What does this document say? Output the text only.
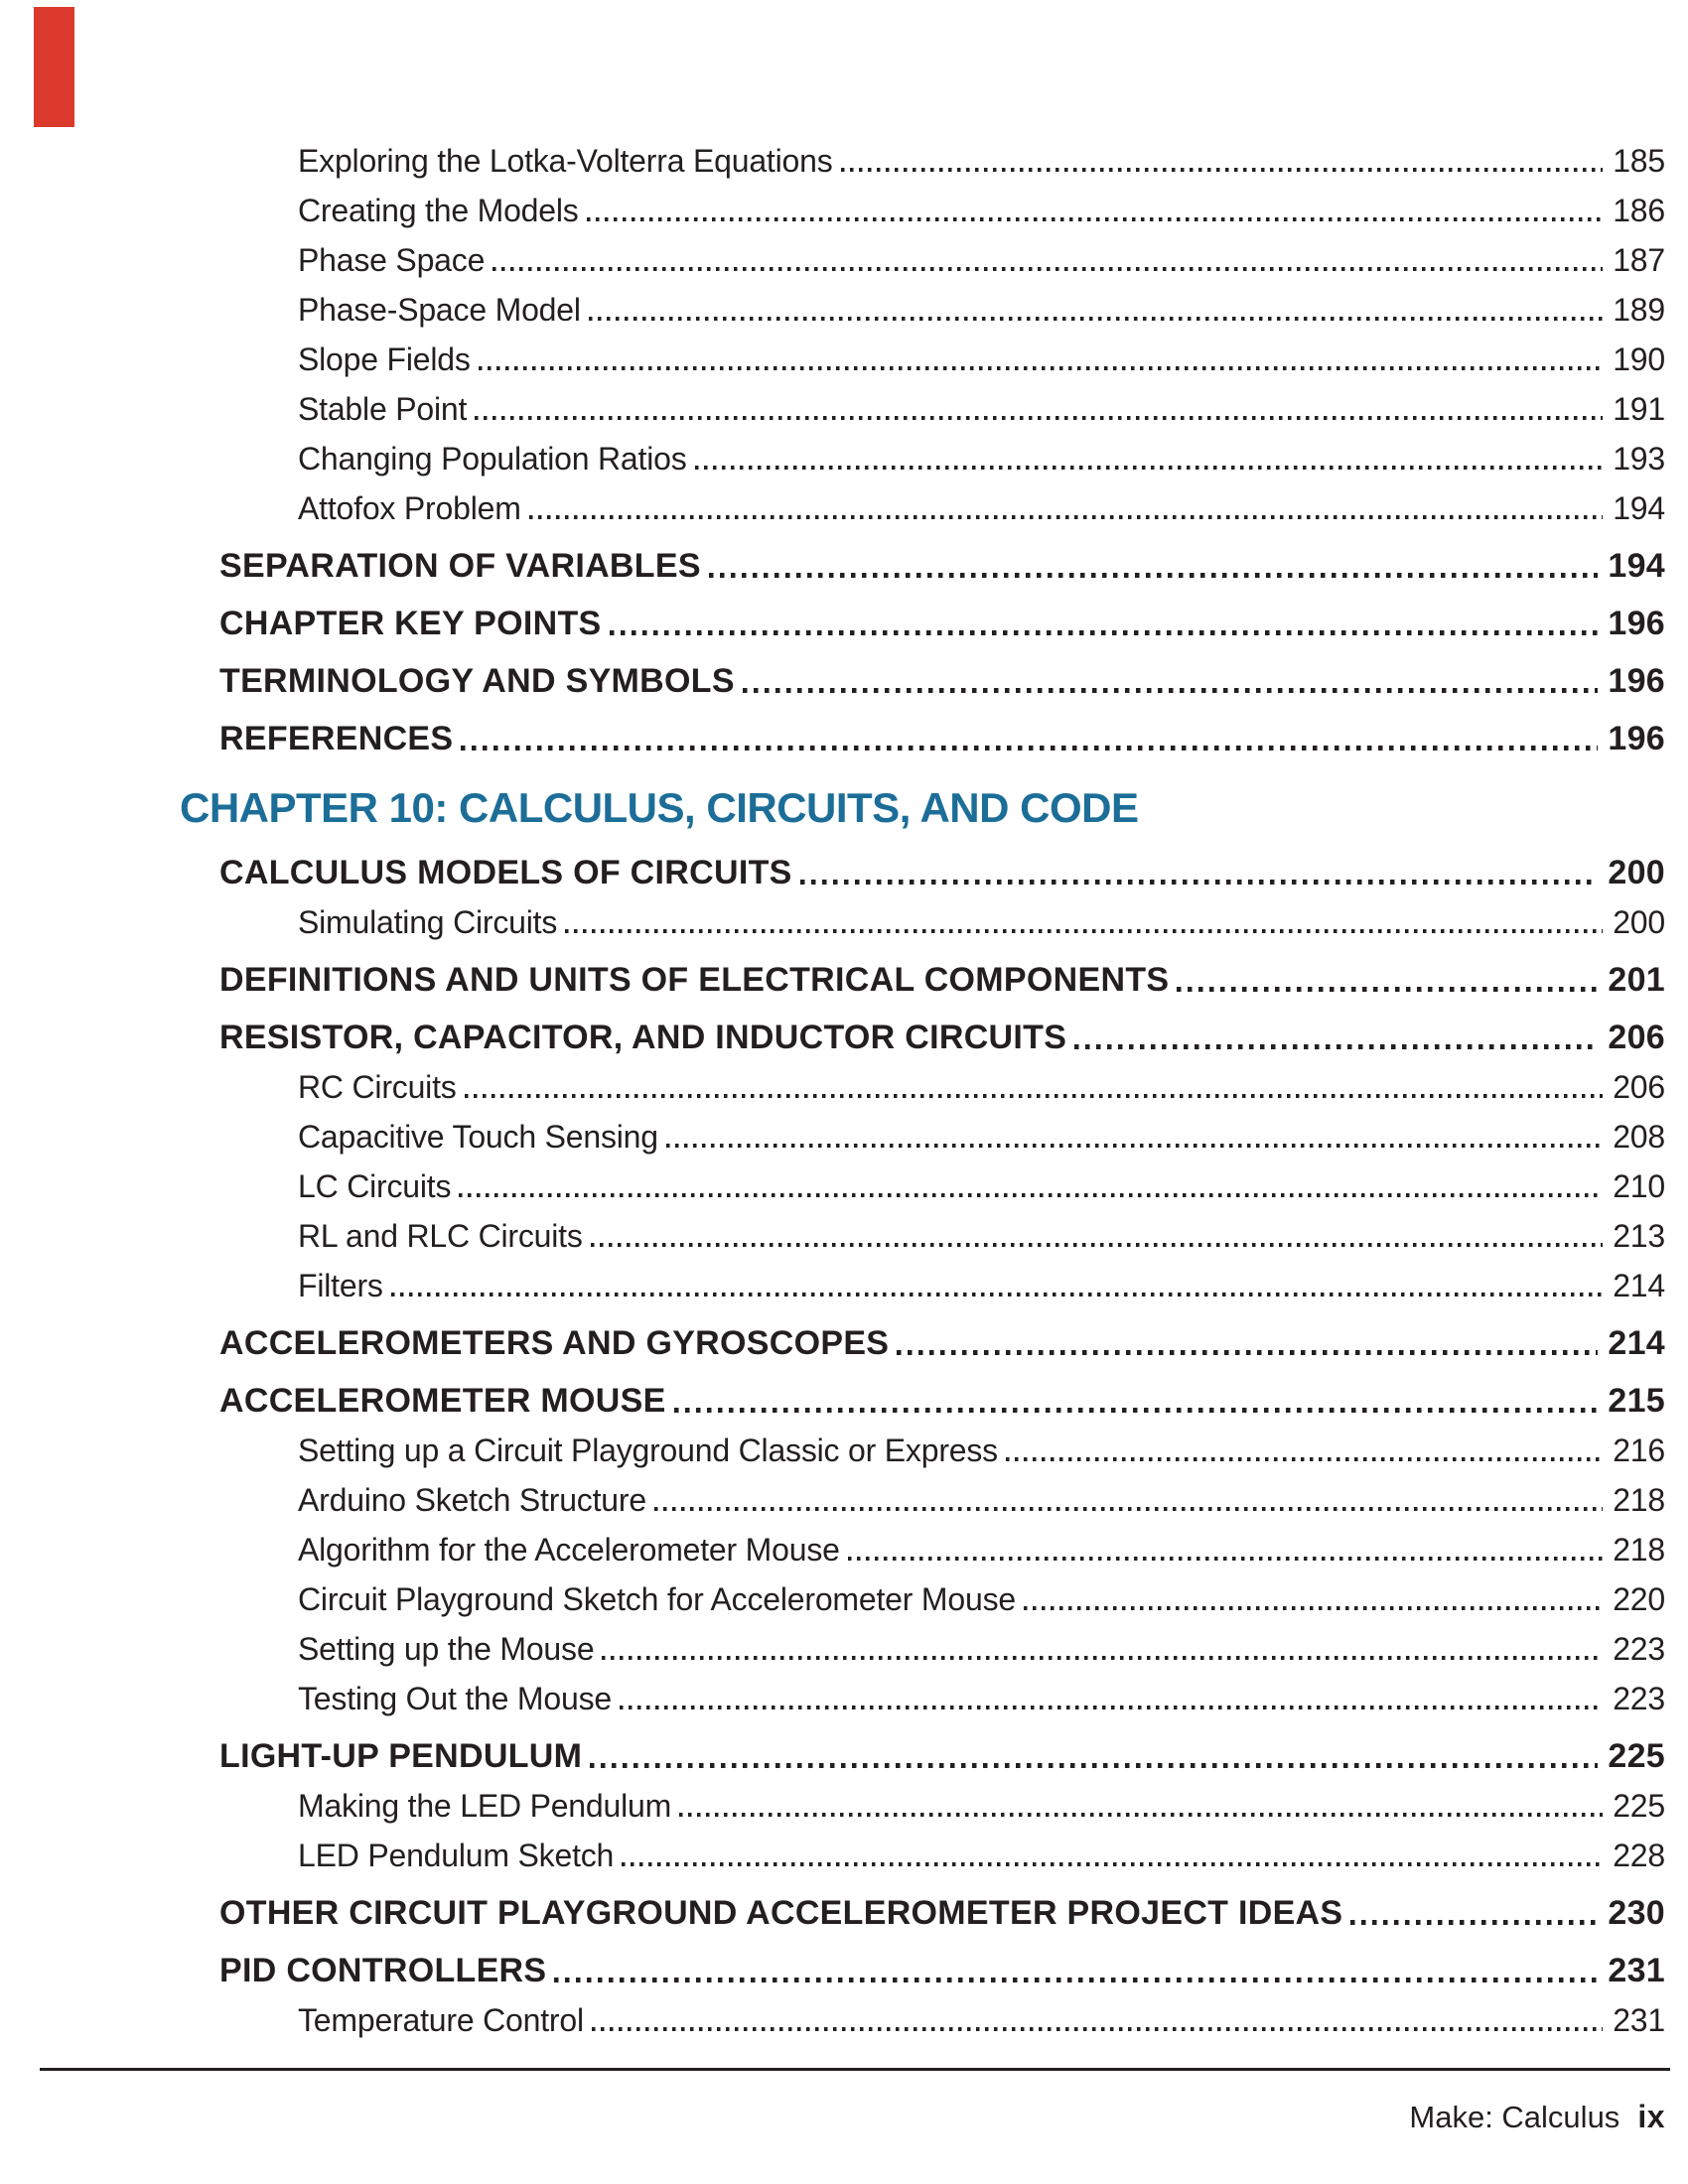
Exploring the Lotka-Volterra Equations	185
Creating the Models	186
Phase Space	187
Phase-Space Model	189
Slope Fields	190
Stable Point	191
Changing Population Ratios	193
Attofox Problem	194
SEPARATION OF VARIABLES	194
CHAPTER KEY POINTS	196
TERMINOLOGY AND SYMBOLS	196
REFERENCES	196
CHAPTER 10: CALCULUS, CIRCUITS, AND CODE
CALCULUS MODELS OF CIRCUITS	200
Simulating Circuits	200
DEFINITIONS AND UNITS OF ELECTRICAL COMPONENTS	201
RESISTOR, CAPACITOR, AND INDUCTOR CIRCUITS	206
RC Circuits	206
Capacitive Touch Sensing	208
LC Circuits	210
RL and RLC Circuits	213
Filters	214
ACCELEROMETERS AND GYROSCOPES	214
ACCELEROMETER MOUSE	215
Setting up a Circuit Playground Classic or Express	216
Arduino Sketch Structure	218
Algorithm for the Accelerometer Mouse	218
Circuit Playground Sketch for Accelerometer Mouse	220
Setting up the Mouse	223
Testing Out the Mouse	223
LIGHT-UP PENDULUM	225
Making the LED Pendulum	225
LED Pendulum Sketch	228
OTHER CIRCUIT PLAYGROUND ACCELEROMETER PROJECT IDEAS	230
PID CONTROLLERS	231
Temperature Control	231
Make: Calculus ix
